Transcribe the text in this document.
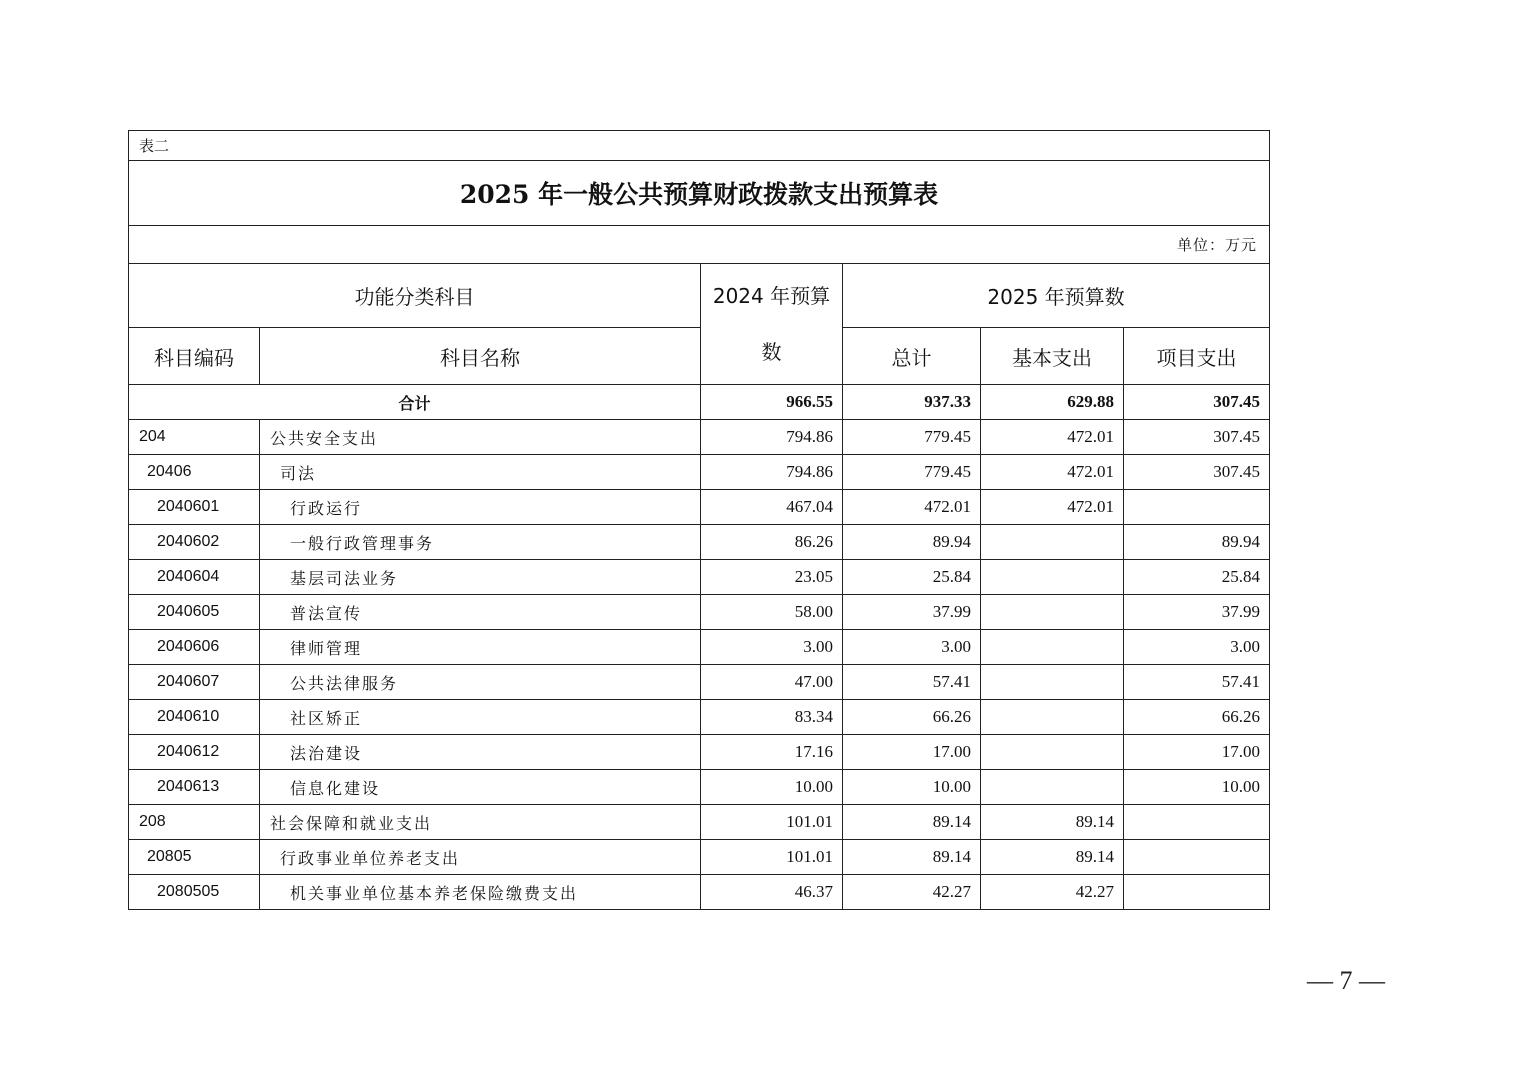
表二					
2025 年一般公共预算财政拨款支出预算表					
单位：万元					
功能分类科目		2024 年预算数	2025 年预算数		
科目编码	科目名称		总计	基本支出	项目支出
合计		966.55	937.33	629.88	307.45
204	公共安全支出	794.86	779.45	472.01	307.45
20406	司法	794.86	779.45	472.01	307.45
2040601	行政运行	467.04	472.01	472.01	
2040602	一般行政管理事务	86.26	89.94		89.94
2040604	基层司法业务	23.05	25.84		25.84
2040605	普法宣传	58.00	37.99		37.99
2040606	律师管理	3.00	3.00		3.00
2040607	公共法律服务	47.00	57.41		57.41
2040610	社区矫正	83.34	66.26		66.26
2040612	法治建设	17.16	17.00		17.00
2040613	信息化建设	10.00	10.00		10.00
208	社会保障和就业支出	101.01	89.14	89.14	
20805	行政事业单位养老支出	101.01	89.14	89.14	
2080505	机关事业单位基本养老保险缴费支出	46.37	42.27	42.27	
— 7 —
